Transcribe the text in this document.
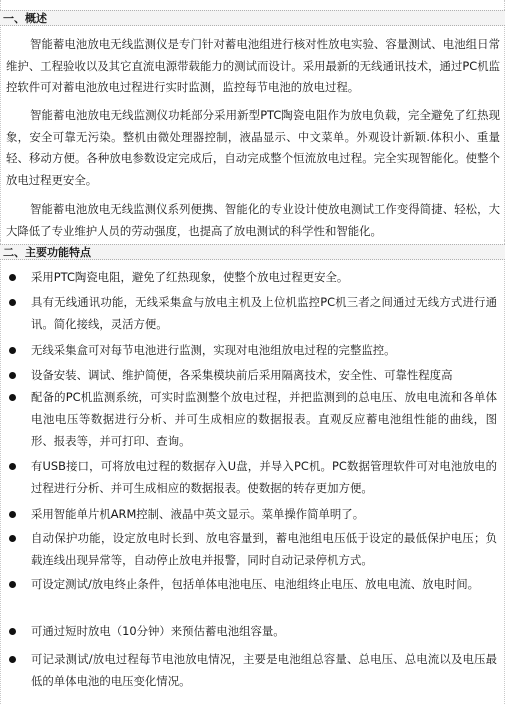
一、概述

智能蓄电池放电无线监测仪是专门针对蓄电池组进行核对性放电实验、容量测试、电池组日常维护、工程验收以及其它直流电源带载能力的测试而设计。采用最新的无线通讯技术，通过PC机监控软件可对蓄电池放电过程进行实时监测，监控每节电池的放电过程。

智能蓄电池放电无线监测仪功耗部分采用新型PTC陶瓷电阻作为放电负载，完全避免了红热现象，安全可靠无污染。整机由微处理器控制，液晶显示、中文菜单。外观设计新颖.体积小、重量轻、移动方便。各种放电参数设定完成后，自动完成整个恒流放电过程。完全实现智能化。使整个放电过程更安全。

智能蓄电池放电无线监测仪系列便携、智能化的专业设计使放电测试工作变得简捷、轻松，大大降低了专业维护人员的劳动强度，也提高了放电测试的科学性和智能化。

二、主要功能特点

采用PTC陶瓷电阻，避免了红热现象，使整个放电过程更安全。

具有无线通讯功能，无线采集盒与放电主机及上位机监控PC机三者之间通过无线方式进行通讯。简化接线，灵活方便。

无线采集盒可对每节电池进行监测，实现对电池组放电过程的完整监控。

设备安装、调试、维护简便，各采集模块前后采用隔离技术，安全性、可靠性程度高

配备的PC机监测系统，可实时监测整个放电过程，并把监测到的总电压、放电电流和各单体电池电压等数据进行分析、并可生成相应的数据报表。直观反应蓄电池组性能的曲线，图形、报表等，并可打印、查询。

有USB接口，可将放电过程的数据存入U盘，并导入PC机。PC数据管理软件可对电池放电的过程进行分析、并可生成相应的数据报表。使数据的转存更加方便。

采用智能单片机ARM控制、液晶中英文显示。菜单操作简单明了。

自动保护功能，设定放电时长到、放电容量到，蓄电池组电压低于设定的最低保护电压；负载连线出现异常等，自动停止放电并报警，同时自动记录停机方式。

可设定测试/放电终止条件，包括单体电池电压、电池组终止电压、放电电流、放电时间。

可通过短时放电（10分钟）来预估蓄电池组容量。

可记录测试/放电过程每节电池放电情况，主要是电池组总容量、总电压、总电流以及电压最低的单体电池的电压变化情况。
